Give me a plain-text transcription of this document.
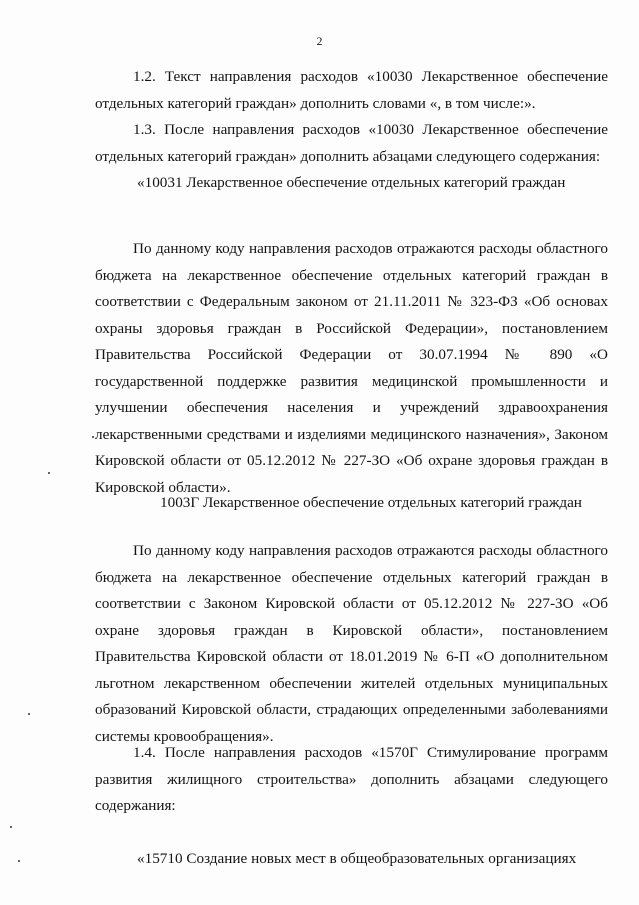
2

1.2. Текст направления расходов «10030 Лекарственное обеспечение отдельных категорий граждан» дополнить словами «, в том числе:».

1.3. После направления расходов «10030 Лекарственное обеспечение отдельных категорий граждан» дополнить абзацами следующего содержания:

«10031 Лекарственное обеспечение отдельных категорий граждан

По данному коду направления расходов отражаются расходы областного бюджета на лекарственное обеспечение отдельных категорий граждан в соответствии с Федеральным законом от 21.11.2011 № 323-ФЗ «Об основах охраны здоровья граждан в Российской Федерации», постановлением Правительства Российской Федерации от 30.07.1994 № 890 «О государственной поддержке развития медицинской промышленности и улучшении обеспечения населения и учреждений здравоохранения лекарственными средствами и изделиями медицинского назначения», Законом Кировской области от 05.12.2012 № 227-ЗО «Об охране здоровья граждан в Кировской области».

1003Г Лекарственное обеспечение отдельных категорий граждан

По данному коду направления расходов отражаются расходы областного бюджета на лекарственное обеспечение отдельных категорий граждан в соответствии с Законом Кировской области от 05.12.2012 № 227-ЗО «Об охране здоровья граждан в Кировской области», постановлением Правительства Кировской области от 18.01.2019 № 6-П «О дополнительном льготном лекарственном обеспечении жителей отдельных муниципальных образований Кировской области, страдающих определенными заболеваниями системы кровообращения».

1.4. После направления расходов «1570Г Стимулирование программ развития жилищного строительства» дополнить абзацами следующего содержания:

«15710 Создание новых мест в общеобразовательных организациях
